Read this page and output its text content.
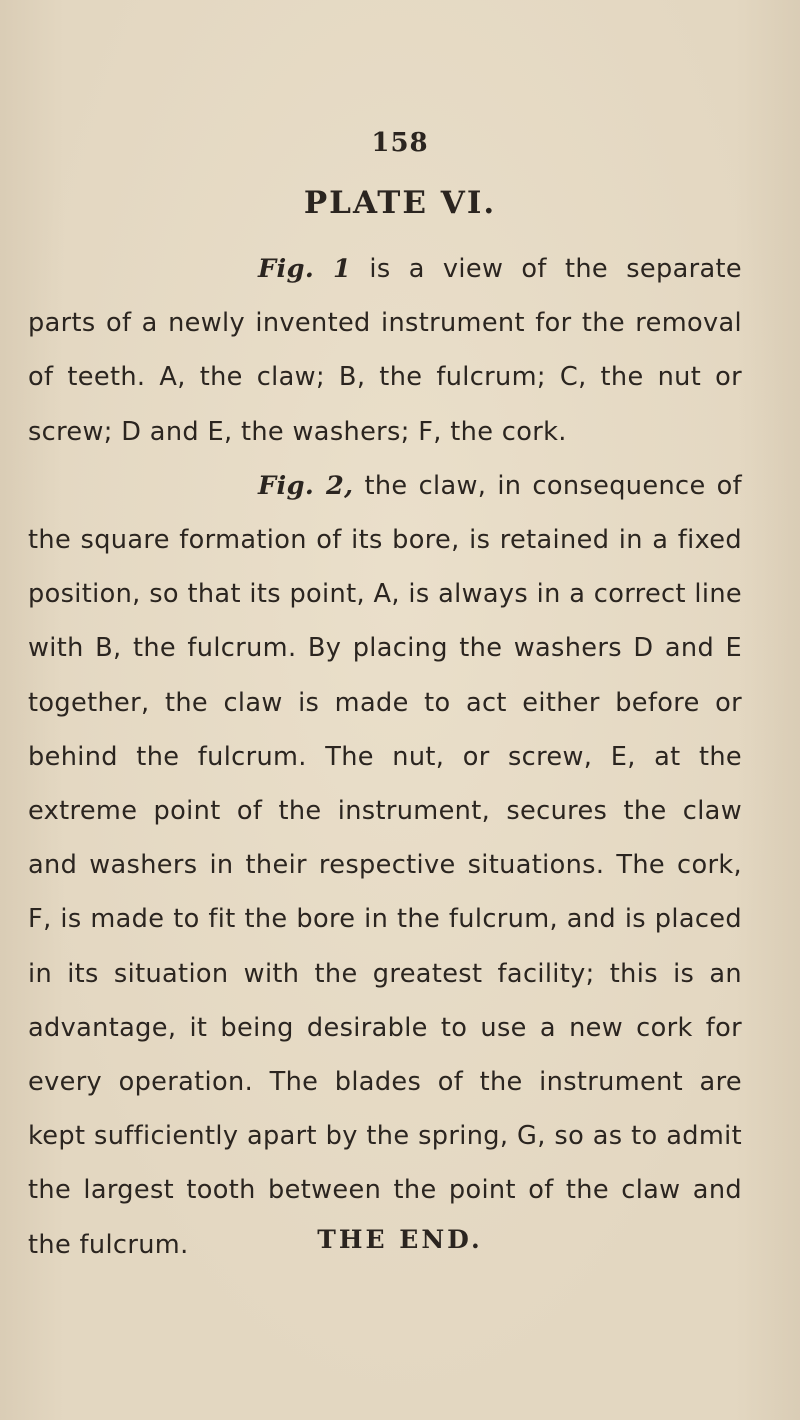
158

PLATE VI.

Fig. 1 is a view of the separate parts of a newly invented instrument for the removal of teeth. A, the claw; B, the fulcrum; C, the nut or screw; D and E, the washers; F, the cork.

Fig. 2, the claw, in consequence of the square formation of its bore, is retained in a fixed position, so that its point, A, is always in a correct line with B, the fulcrum. By placing the washers D and E together, the claw is made to act either before or behind the fulcrum. The nut, or screw, E, at the extreme point of the instrument, secures the claw and washers in their respective situations. The cork, F, is made to fit the bore in the fulcrum, and is placed in its situation with the greatest facility; this is an advantage, it being desirable to use a new cork for every operation. The blades of the instrument are kept sufficiently apart by the spring, G, so as to admit the largest tooth between the point of the claw and the fulcrum.	THE END.
